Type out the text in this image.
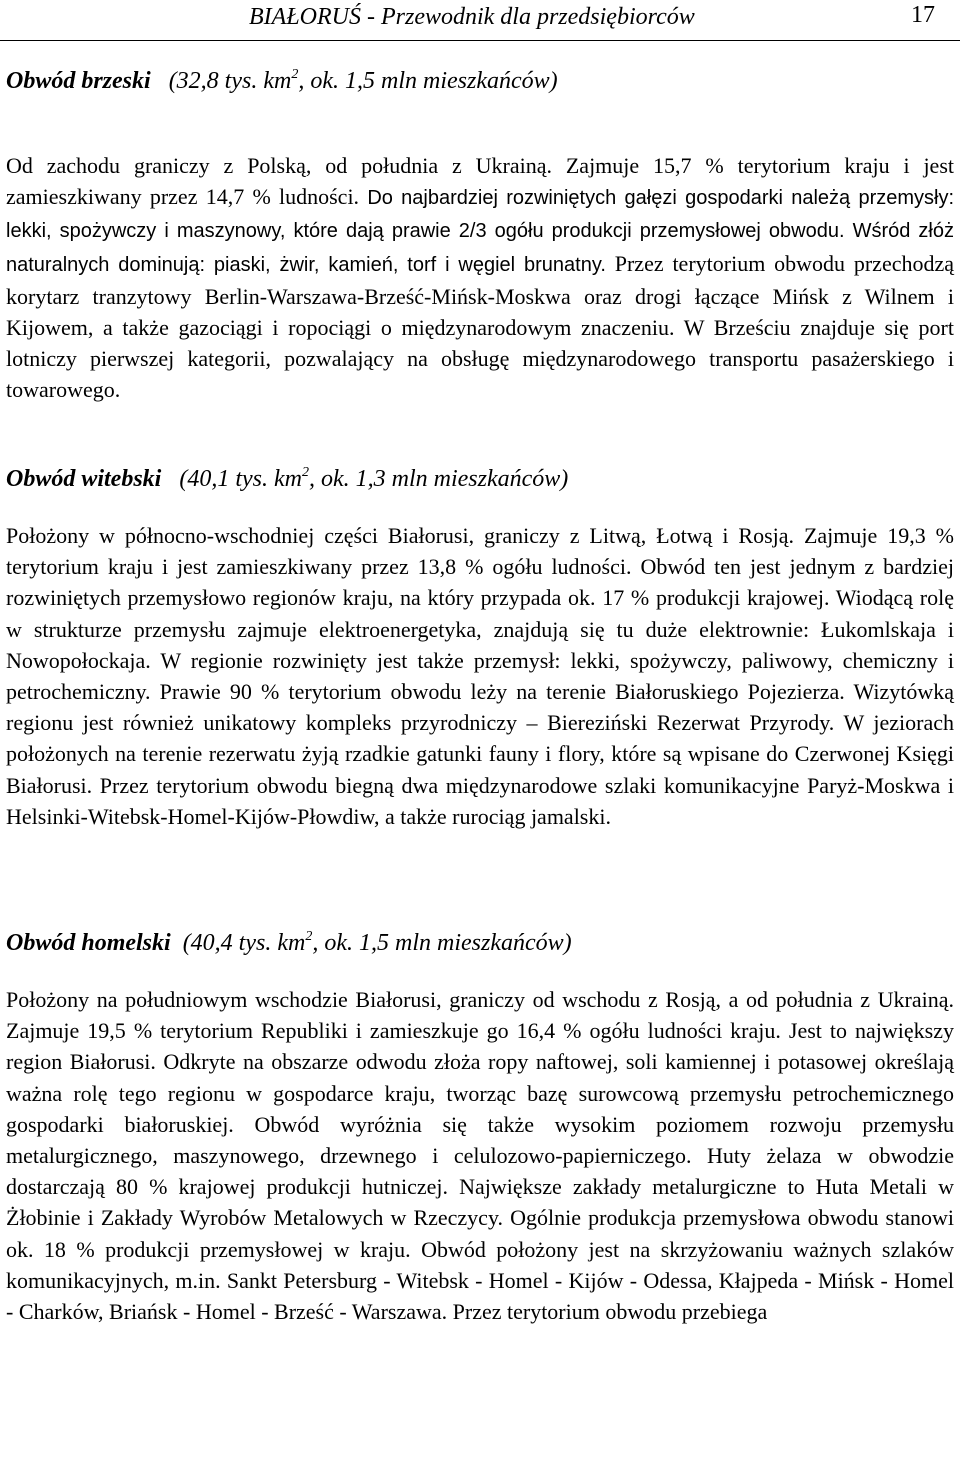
BIAŁORUŚ - Przewodnik dla przedsiębiorców	17
Obwód brzeski (32,8 tys. $km^2$, ok. 1,5 mln mieszkańców)

Od zachodu graniczy z Polską, od południa z Ukrainą. Zajmuje 15,7 % terytorium kraju i jest zamieszkiwany przez 14,7 % ludności. Do najbardziej rozwiniętych gałęzi gospodarki należą przemysły: lekki, spożywczy i maszynowy, które dają prawie 2/3 ogółu produkcji przemysłowej obwodu. Wśród złóż naturalnych dominują: piaski, żwir, kamień, torf i węgiel brunatny. Przez terytorium obwodu przechodzą korytarz tranzytowy Berlin-Warszawa-Brześć-Mińsk-Moskwa oraz drogi łączące Mińsk z Wilnem i Kijowem, a także gazociągi i ropociągi o międzynarodowym znaczeniu. W Brześciu znajduje się port lotniczy pierwszej kategorii, pozwalający na obsługę międzynarodowego transportu pasażerskiego i towarowego.

Obwód witebski (40,1 tys. $km^2$, ok. 1,3 mln mieszkańców)

Położony w północno-wschodniej części Białorusi, graniczy z Litwą, Łotwą i Rosją. Zajmuje 19,3 % terytorium kraju i jest zamieszkiwany przez 13,8 % ogółu ludności. Obwód ten jest jednym z bardziej rozwiniętych przemysłowo regionów kraju, na który przypada ok. 17 % produkcji krajowej. Wiodącą rolę w strukturze przemysłu zajmuje elektroenergetyka, znajdują się tu duże elektrownie: Łukomlskaja i Nowopołockaja. W regionie rozwinięty jest także przemysł: lekki, spożywczy, paliwowy, chemiczny i petrochemiczny. Prawie 90 % terytorium obwodu leży na terenie Białoruskiego Pojezierza. Wizytówką regionu jest również unikatowy kompleks przyrodniczy – Biereziński Rezerwat Przyrody. W jeziorach położonych na terenie rezerwatu żyją rzadkie gatunki fauny i flory, które są wpisane do Czerwonej Księgi Białorusi. Przez terytorium obwodu biegną dwa międzynarodowe szlaki komunikacyjne Paryż-Moskwa i Helsinki-Witebsk-Homel-Kijów-Płowdiw, a także rurociąg jamalski.

Obwód homelski (40,4 tys. $km^2$, ok. 1,5 mln mieszkańców)

Położony na południowym wschodzie Białorusi, graniczy od wschodu z Rosją, a od południa z Ukrainą. Zajmuje 19,5 % terytorium Republiki i zamieszkuje go 16,4 % ogółu ludności kraju. Jest to największy region Białorusi. Odkryte na obszarze odwodu złoża ropy naftowej, soli kamiennej i potasowej określają ważna rolę tego regionu w gospodarce kraju, tworząc bazę surowcową przemysłu petrochemicznego gospodarki białoruskiej. Obwód wyróżnia się także wysokim poziomem rozwoju przemysłu metalurgicznego, maszynowego, drzewnego i celulozowo-papierniczego. Huty żelaza w obwodzie dostarczają 80 % krajowej produkcji hutniczej. Największe zakłady metalurgiczne to Huta Metali w Żłobinie i Zakłady Wyrobów Metalowych w Rzeczycy. Ogólnie produkcja przemysłowa obwodu stanowi ok. 18 % produkcji przemysłowej w kraju. Obwód położony jest na skrzyżowaniu ważnych szlaków komunikacyjnych, m.in. Sankt Petersburg - Witebsk - Homel - Kijów - Odessa, Kłajpeda - Mińsk - Homel - Charków, Briańsk - Homel - Brześć - Warszawa. Przez terytorium obwodu przebiega
